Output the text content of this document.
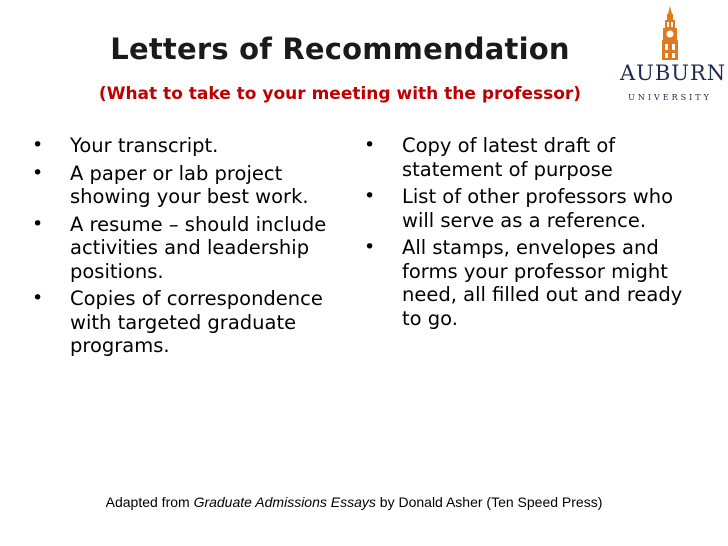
Letters of Recommendation
(What to take to your meeting with the professor)
AUBURN
UNIVERSITY
• Your transcript.
• A paper or lab project showing your best work.
• A resume – should include activities and leadership positions.
• Copies of correspondence with targeted graduate programs.
• Copy of latest draft of statement of purpose
• List of other professors who will serve as a reference.
• All stamps, envelopes and forms your professor might need, all filled out and ready to go.
Adapted from Graduate Admissions Essays by Donald Asher (Ten Speed Press)
